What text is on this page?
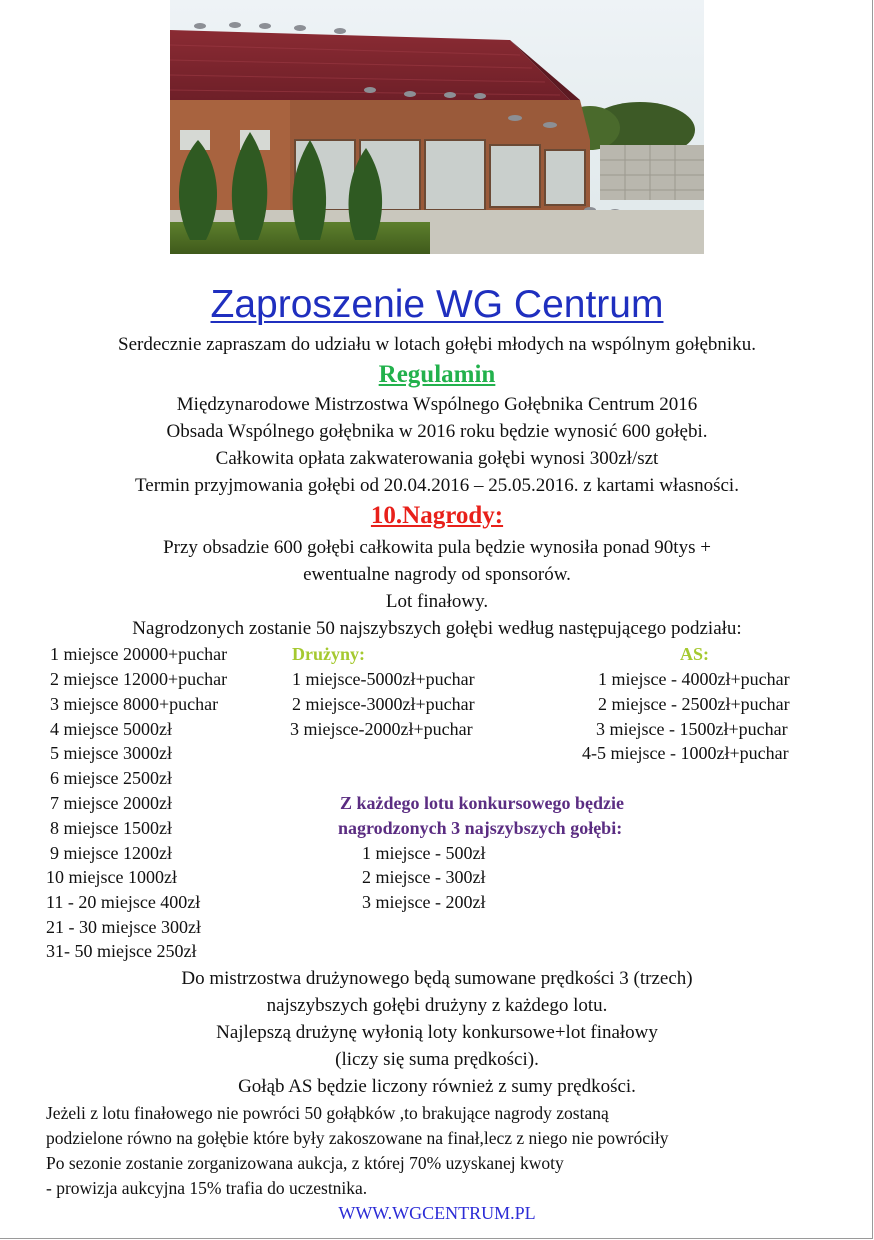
Zaproszenie WG Centrum
Serdecznie zapraszam do udziału w lotach gołębi młodych na wspólnym gołębniku.
Regulamin
Międzynarodowe Mistrzostwa Wspólnego Gołębnika Centrum 2016
Obsada Wspólnego gołębnika w 2016 roku będzie wynosić 600 gołębi.
Całkowita opłata zakwaterowania gołębi wynosi 300zł/szt
Termin przyjmowania gołębi od 20.04.2016 – 25.05.2016. z kartami własności.
10.Nagrody:
Przy obsadzie 600 gołębi całkowita pula będzie wynosiła ponad 90tys +
ewentualne nagrody od sponsorów.
Lot finałowy.
Nagrodzonych zostanie 50 najszybszych gołębi według następującego podziału:
1 miejsce 20000+puchar
2 miejsce 12000+puchar
3 miejsce 8000+puchar
4 miejsce 5000zł
5 miejsce 3000zł
6 miejsce 2500zł
7 miejsce 2000zł
8 miejsce 1500zł
9 miejsce 1200zł
10 miejsce 1000zł
11 - 20 miejsce 400zł
21 - 30 miejsce 300zł
31- 50 miejsce 250zł
Drużyny:
1 miejsce-5000zł+puchar
2 miejsce-3000zł+puchar
3 miejsce-2000zł+puchar
AS:
1 miejsce - 4000zł+puchar
2 miejsce - 2500zł+puchar
3 miejsce - 1500zł+puchar
4-5 miejsce - 1000zł+puchar
Z każdego lotu konkursowego będzie
nagrodzonych 3 najszybszych gołębi:
1 miejsce - 500zł
2 miejsce - 300zł
3 miejsce - 200zł
Do mistrzostwa drużynowego będą sumowane prędkości 3 (trzech)
najszybszych gołębi drużyny z każdego lotu.
Najlepszą drużynę wyłonią loty konkursowe+lot finałowy
(liczy się suma prędkości).
Gołąb AS będzie liczony również z sumy prędkości.
Jeżeli z lotu finałowego nie powróci 50 gołąbków ,to brakujące nagrody zostaną
podzielone równo na gołębie które były zakoszowane na finał,lecz z niego nie powróciły
Po sezonie zostanie zorganizowana aukcja, z której 70% uzyskanej kwoty
- prowizja aukcyjna 15% trafia do uczestnika.
WWW.WGCENTRUM.PL
